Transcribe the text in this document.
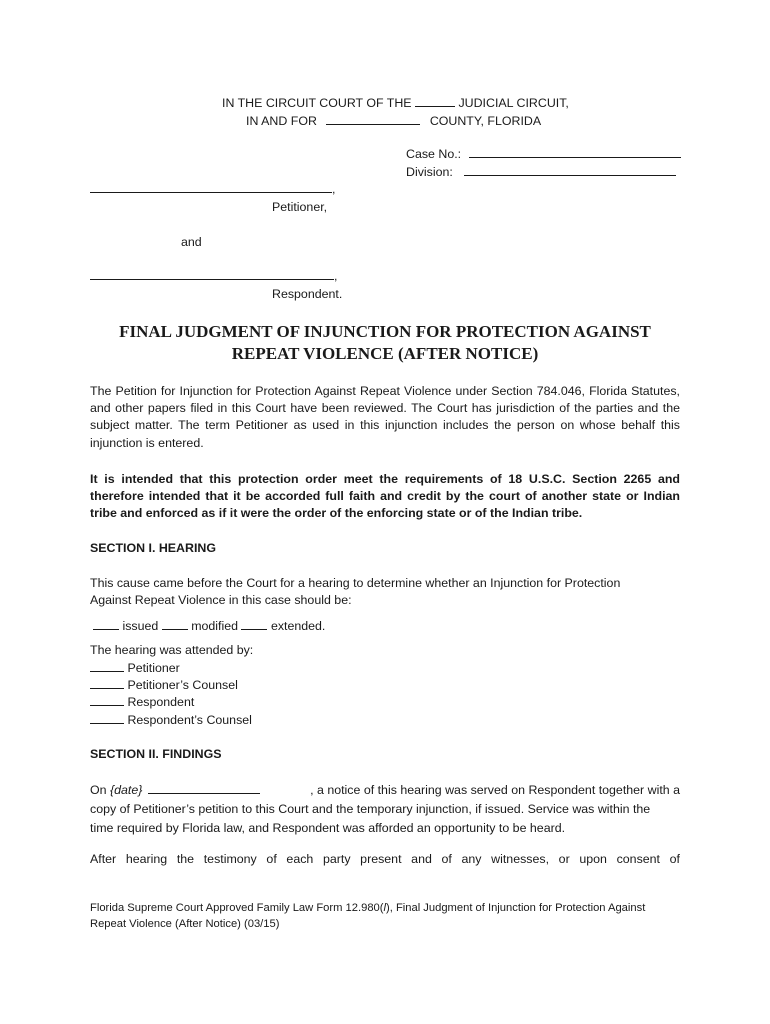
IN THE CIRCUIT COURT OF THE	JUDICIAL CIRCUIT,
IN AND FOR	COUNTY, FLORIDA
Case No.:
Division:
,
Petitioner,
and
,
Respondent.
FINAL JUDGMENT OF INJUNCTION FOR PROTECTION AGAINST
REPEAT VIOLENCE (AFTER NOTICE)
The Petition for Injunction for Protection Against Repeat Violence under Section 784.046, Florida Statutes, and other papers filed in this Court have been reviewed. The Court has jurisdiction of the parties and the subject matter. The term Petitioner as used in this injunction includes the person on whose behalf this injunction is entered.
It is intended that this protection order meet the requirements of 18 U.S.C. Section 2265 and therefore intended that it be accorded full faith and credit by the court of another state or Indian tribe and enforced as if it were the order of the enforcing state or of the Indian tribe.
SECTION I. HEARING
This cause came before the Court for a hearing to determine whether an Injunction for Protection Against Repeat Violence in this case should be:
issued	modified	extended.
The hearing was attended by:
Petitioner
Petitioner’s Counsel
Respondent
Respondent’s Counsel
SECTION II. FINDINGS
On {date}	, a notice of this hearing was served on Respondent together with a
copy of Petitioner’s petition to this Court and the temporary injunction, if issued. Service was within the
time required by Florida law, and Respondent was afforded an opportunity to be heard.
After hearing the testimony of each party present and of any witnesses, or upon consent of
Florida Supreme Court Approved Family Law Form 12.980(l), Final Judgment of Injunction for Protection Against
Repeat Violence (After Notice) (03/15)
